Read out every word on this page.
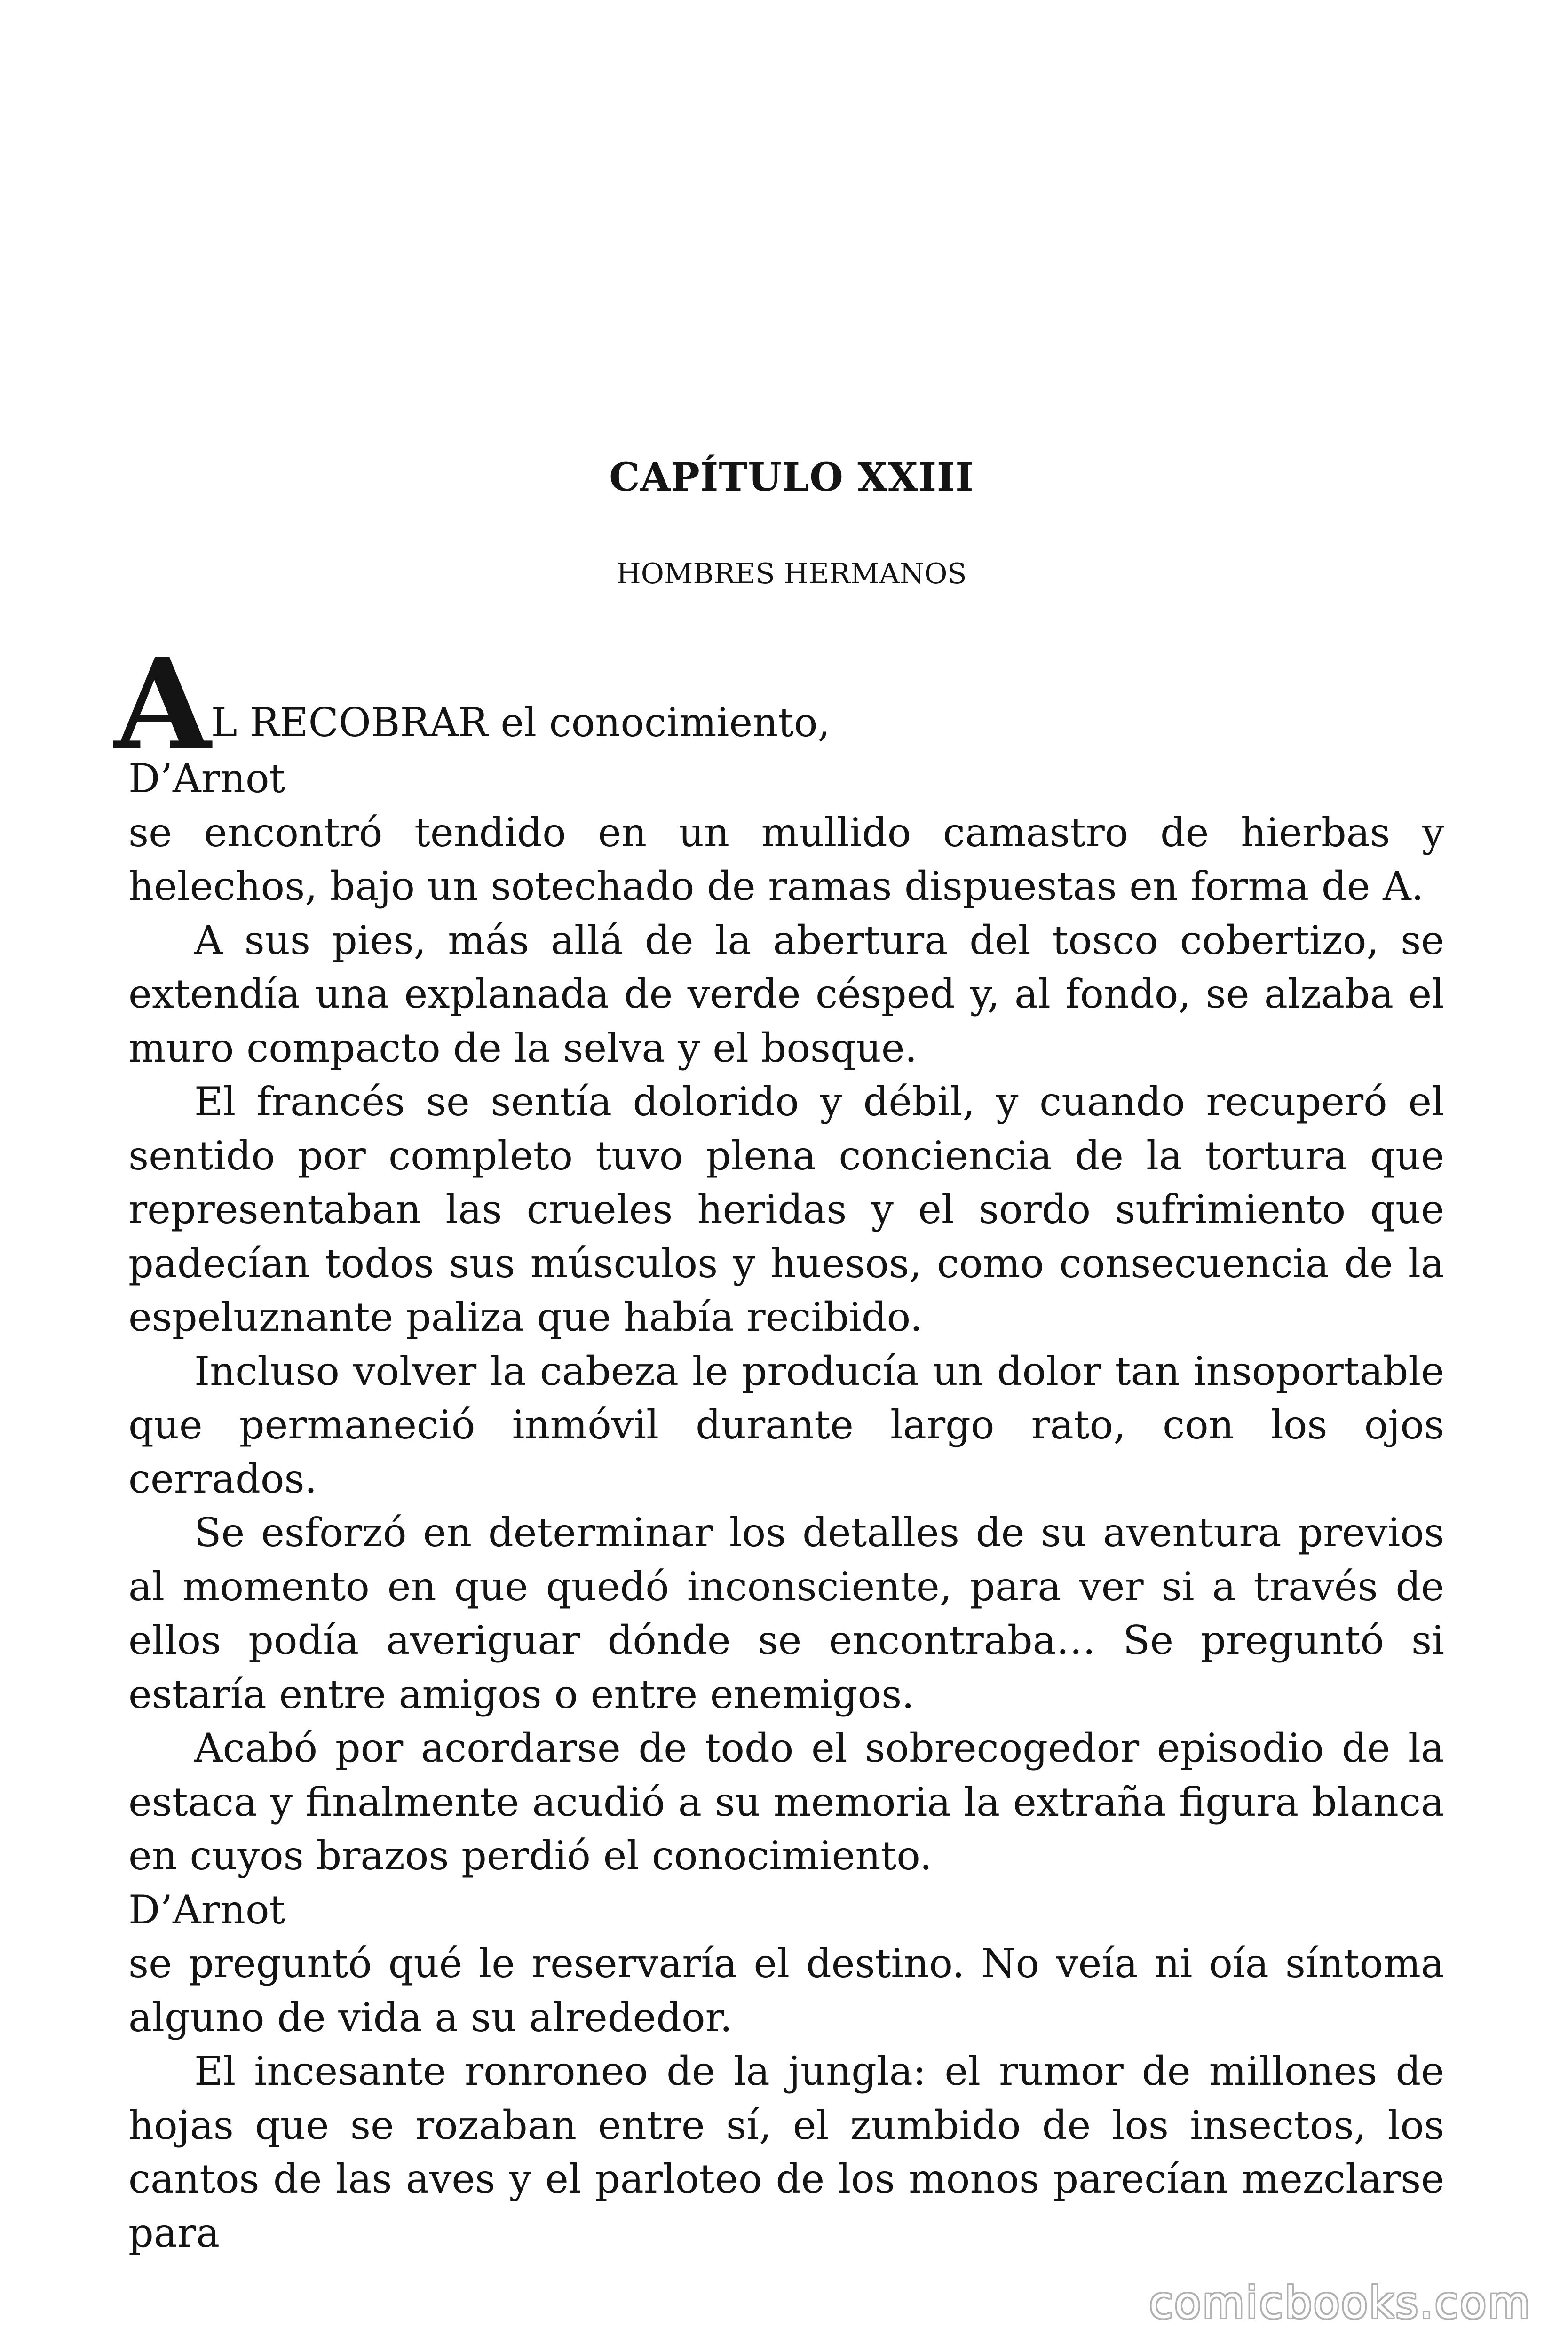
CAPÍTULO XXIII
HOMBRES HERMANOS
A L RECOBRAR el conocimiento,

D’Arnot

se encontró tendido en un mullido camastro de hierbas y helechos, bajo un sotechado de ramas dispuestas en forma de A.

A sus pies, más allá de la abertura del tosco cobertizo, se extendía una explanada de verde césped y, al fondo, se alzaba el muro compacto de la selva y el bosque.

El francés se sentía dolorido y débil, y cuando recuperó el sentido por completo tuvo plena conciencia de la tortura que representaban las crueles heridas y el sordo sufrimiento que padecían todos sus músculos y huesos, como consecuencia de la espeluznante paliza que había recibido.

Incluso volver la cabeza le producía un dolor tan insoportable que permaneció inmóvil durante largo rato, con los ojos cerrados.

Se esforzó en determinar los detalles de su aventura previos al momento en que quedó inconsciente, para ver si a través de ellos podía averiguar dónde se encontraba… Se preguntó si estaría entre amigos o entre enemigos.

Acabó por acordarse de todo el sobrecogedor episodio de la estaca y finalmente acudió a su memoria la extraña figura blanca en cuyos brazos perdió el conocimiento.

D’Arnot

se preguntó qué le reservaría el destino. No veía ni oía síntoma alguno de vida a su alrededor.

El incesante ronroneo de la jungla: el rumor de millones de hojas que se rozaban entre sí, el zumbido de los insectos, los cantos de las aves y el parloteo de los monos parecían mezclarse para

comicbooks.com
